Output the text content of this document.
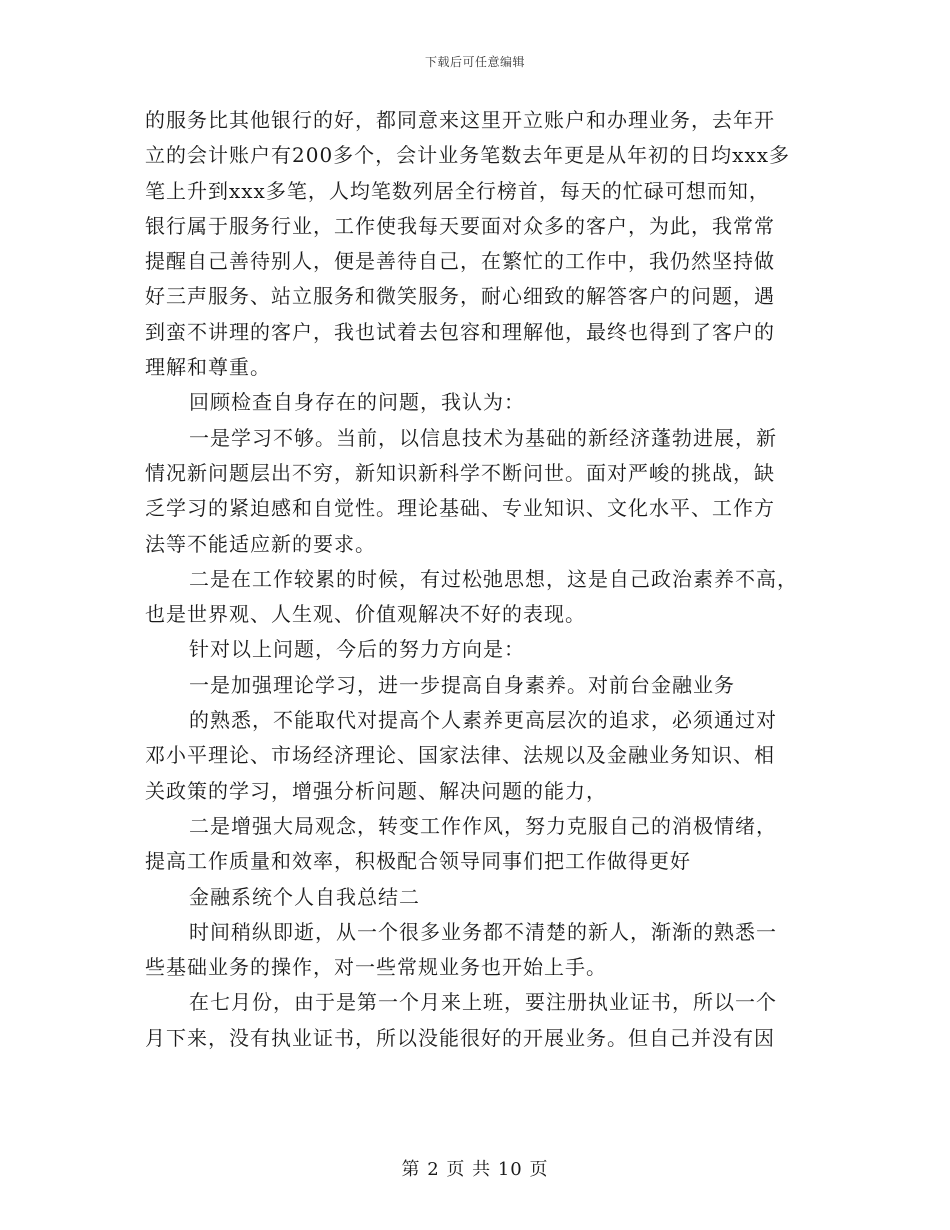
下载后可任意编辑
的服务比其他银行的好，都同意来这里开立账户和办理业务，去年开
立的会计账户有200多个，会计业务笔数去年更是从年初的日均xxx多
笔上升到xxx多笔，人均笔数列居全行榜首，每天的忙碌可想而知，
银行属于服务行业，工作使我每天要面对众多的客户，为此，我常常
提醒自己善待别人，便是善待自己，在繁忙的工作中，我仍然坚持做
好三声服务、站立服务和微笑服务，耐心细致的解答客户的问题，遇
到蛮不讲理的客户，我也试着去包容和理解他，最终也得到了客户的
理解和尊重。
回顾检查自身存在的问题，我认为：
一是学习不够。当前，以信息技术为基础的新经济蓬勃进展，新
情况新问题层出不穷，新知识新科学不断问世。面对严峻的挑战，缺
乏学习的紧迫感和自觉性。理论基础、专业知识、文化水平、工作方
法等不能适应新的要求。
二是在工作较累的时候，有过松弛思想，这是自己政治素养不高，
也是世界观、人生观、价值观解决不好的表现。
针对以上问题，今后的努力方向是：
一是加强理论学习，进一步提高自身素养。对前台金融业务
的熟悉，不能取代对提高个人素养更高层次的追求，必须通过对
邓小平理论、市场经济理论、国家法律、法规以及金融业务知识、相
关政策的学习，增强分析问题、解决问题的能力，
二是增强大局观念，转变工作作风，努力克服自己的消极情绪，
提高工作质量和效率，积极配合领导同事们把工作做得更好
金融系统个人自我总结二
时间稍纵即逝，从一个很多业务都不清楚的新人，渐渐的熟悉一
些基础业务的操作，对一些常规业务也开始上手。
在七月份，由于是第一个月来上班，要注册执业证书，所以一个
月下来，没有执业证书，所以没能很好的开展业务。但自己并没有因
第 2 页 共 10 页
